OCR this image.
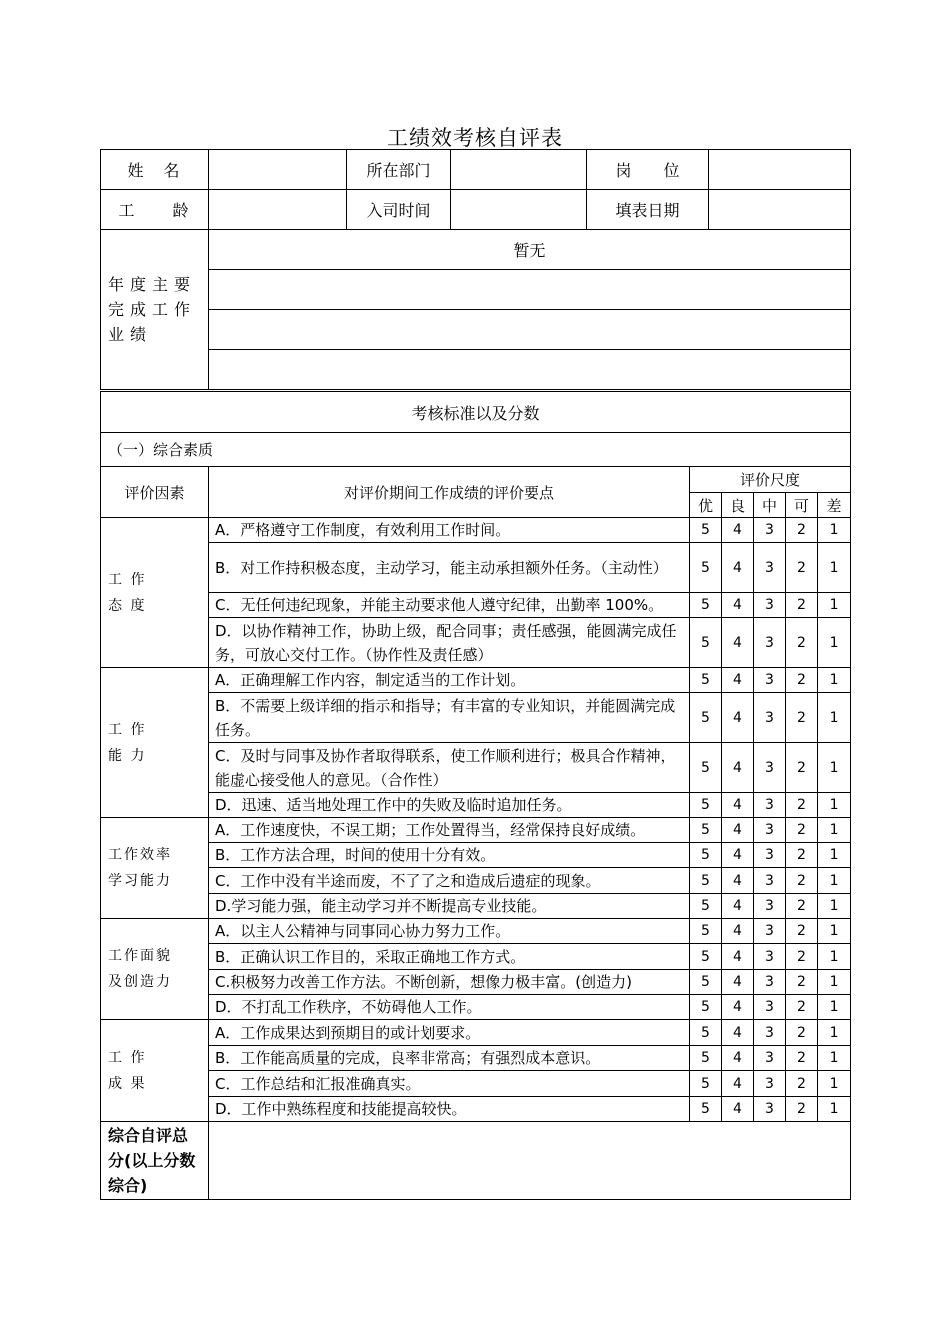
工绩效考核自评表
姓　名		所在部门		岗　　位	
工　　龄		入司时间		填表日期	
年度主要完成工作业绩	暂无

考核标准以及分数						
（一）综合素质						
评价因素	对评价期间工作成绩的评价要点	评价尺度				
		优	良	中	可	差
工 作
态 度	A．严格遵守工作制度，有效利用工作时间。	5	4	3	2	1
	B．对工作持积极态度，主动学习，能主动承担额外任务。（主动性）	5	4	3	2	1
	C．无任何违纪现象，并能主动要求他人遵守纪律，出勤率 100%。	5	4	3	2	1
	D．以协作精神工作，协助上级，配合同事；责任感强，能圆满完成任务，可放心交付工作。（协作性及责任感）	5	4	3	2	1
工 作
能 力	A．正确理解工作内容，制定适当的工作计划。	5	4	3	2	1
	B．不需要上级详细的指示和指导；有丰富的专业知识，并能圆满完成任务。	5	4	3	2	1
	C．及时与同事及协作者取得联系，使工作顺利进行；极具合作精神，能虚心接受他人的意见。（合作性）	5	4	3	2	1
	D．迅速、适当地处理工作中的失败及临时追加任务。	5	4	3	2	1
工作效率
学习能力	A．工作速度快，不误工期；工作处置得当，经常保持良好成绩。	5	4	3	2	1
	B．工作方法合理，时间的使用十分有效。	5	4	3	2	1
	C．工作中没有半途而废，不了了之和造成后遗症的现象。	5	4	3	2	1
	D.学习能力强，能主动学习并不断提高专业技能。	5	4	3	2	1
工作面貌
及创造力	A．以主人公精神与同事同心协力努力工作。	5	4	3	2	1
	B．正确认识工作目的，采取正确地工作方式。	5	4	3	2	1
	C.积极努力改善工作方法。不断创新，想像力极丰富。(创造力)	5	4	3	2	1
	D．不打乱工作秩序，不妨碍他人工作。	5	4	3	2	1
工 作
成 果	A．工作成果达到预期目的或计划要求。	5	4	3	2	1
	B．工作能高质量的完成，良率非常高；有强烈成本意识。	5	4	3	2	1
	C．工作总结和汇报准确真实。	5	4	3	2	1
	D．工作中熟练程度和技能提高较快。	5	4	3	2	1
综合自评总分(以上分数综合)						
